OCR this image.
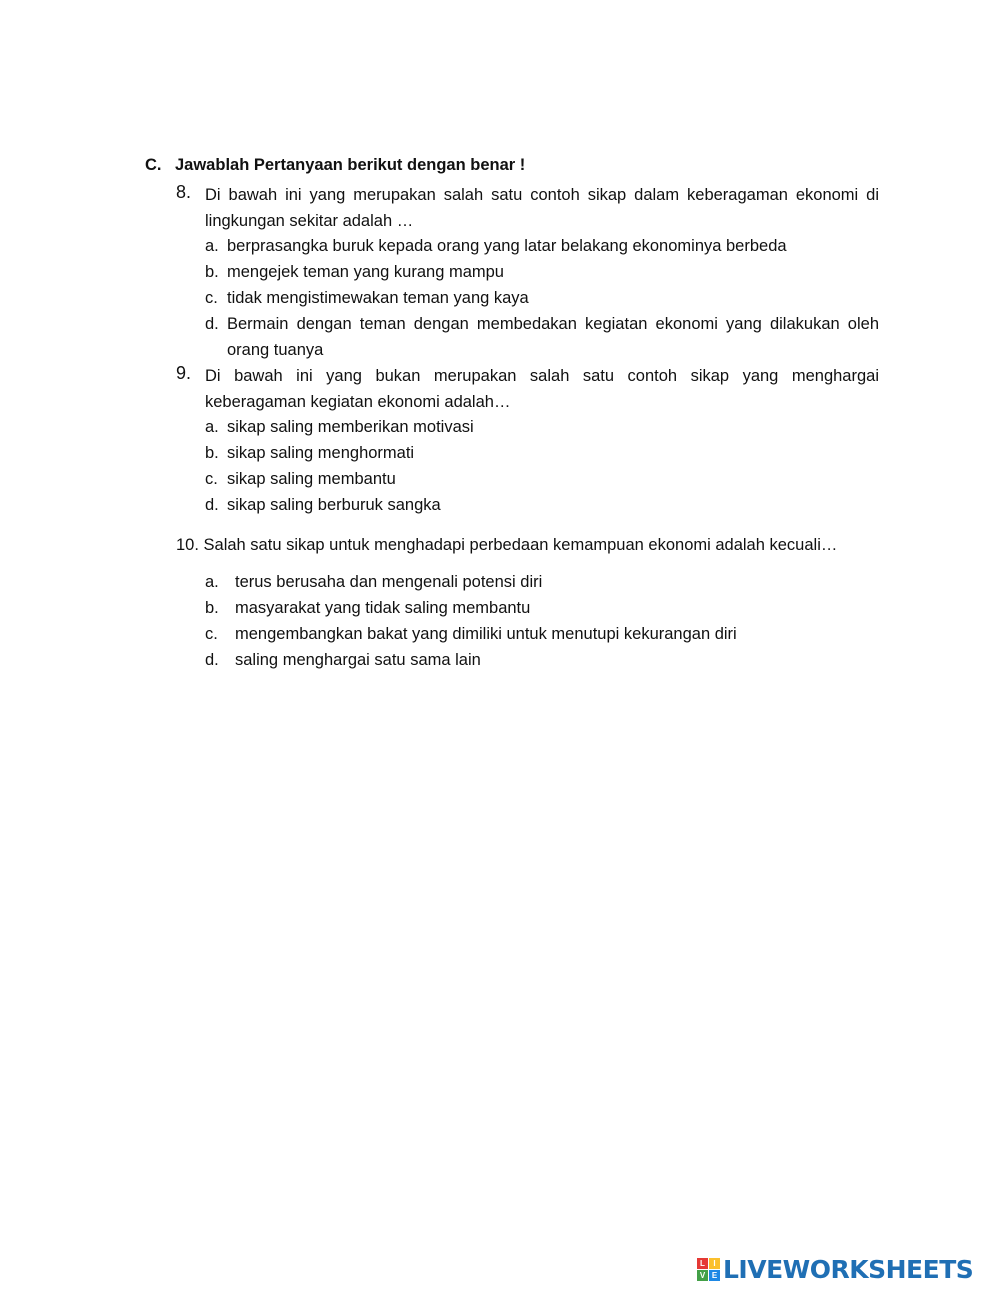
C. Jawablah Pertanyaan berikut dengan benar !
8. Di bawah ini yang merupakan salah satu contoh sikap dalam keberagaman ekonomi di lingkungan sekitar adalah …
a. berprasangka buruk kepada orang yang latar belakang ekonominya berbeda
b. mengejek teman yang kurang mampu
c. tidak mengistimewakan teman yang kaya
d. Bermain dengan teman dengan membedakan kegiatan ekonomi yang dilakukan oleh orang tuanya
9. Di bawah ini yang bukan merupakan salah satu contoh sikap yang menghargai keberagaman kegiatan ekonomi adalah…
a. sikap saling memberikan motivasi
b. sikap saling menghormati
c. sikap saling membantu
d. sikap saling berburuk sangka
10. Salah satu sikap untuk menghadapi perbedaan kemampuan ekonomi adalah kecuali…
a. terus berusaha dan mengenali potensi diri
b. masyarakat yang tidak saling membantu
c. mengembangkan bakat yang dimiliki untuk menutupi kekurangan diri
d. saling menghargai satu sama lain
L	I
V E LIVEWORKSHEETS
